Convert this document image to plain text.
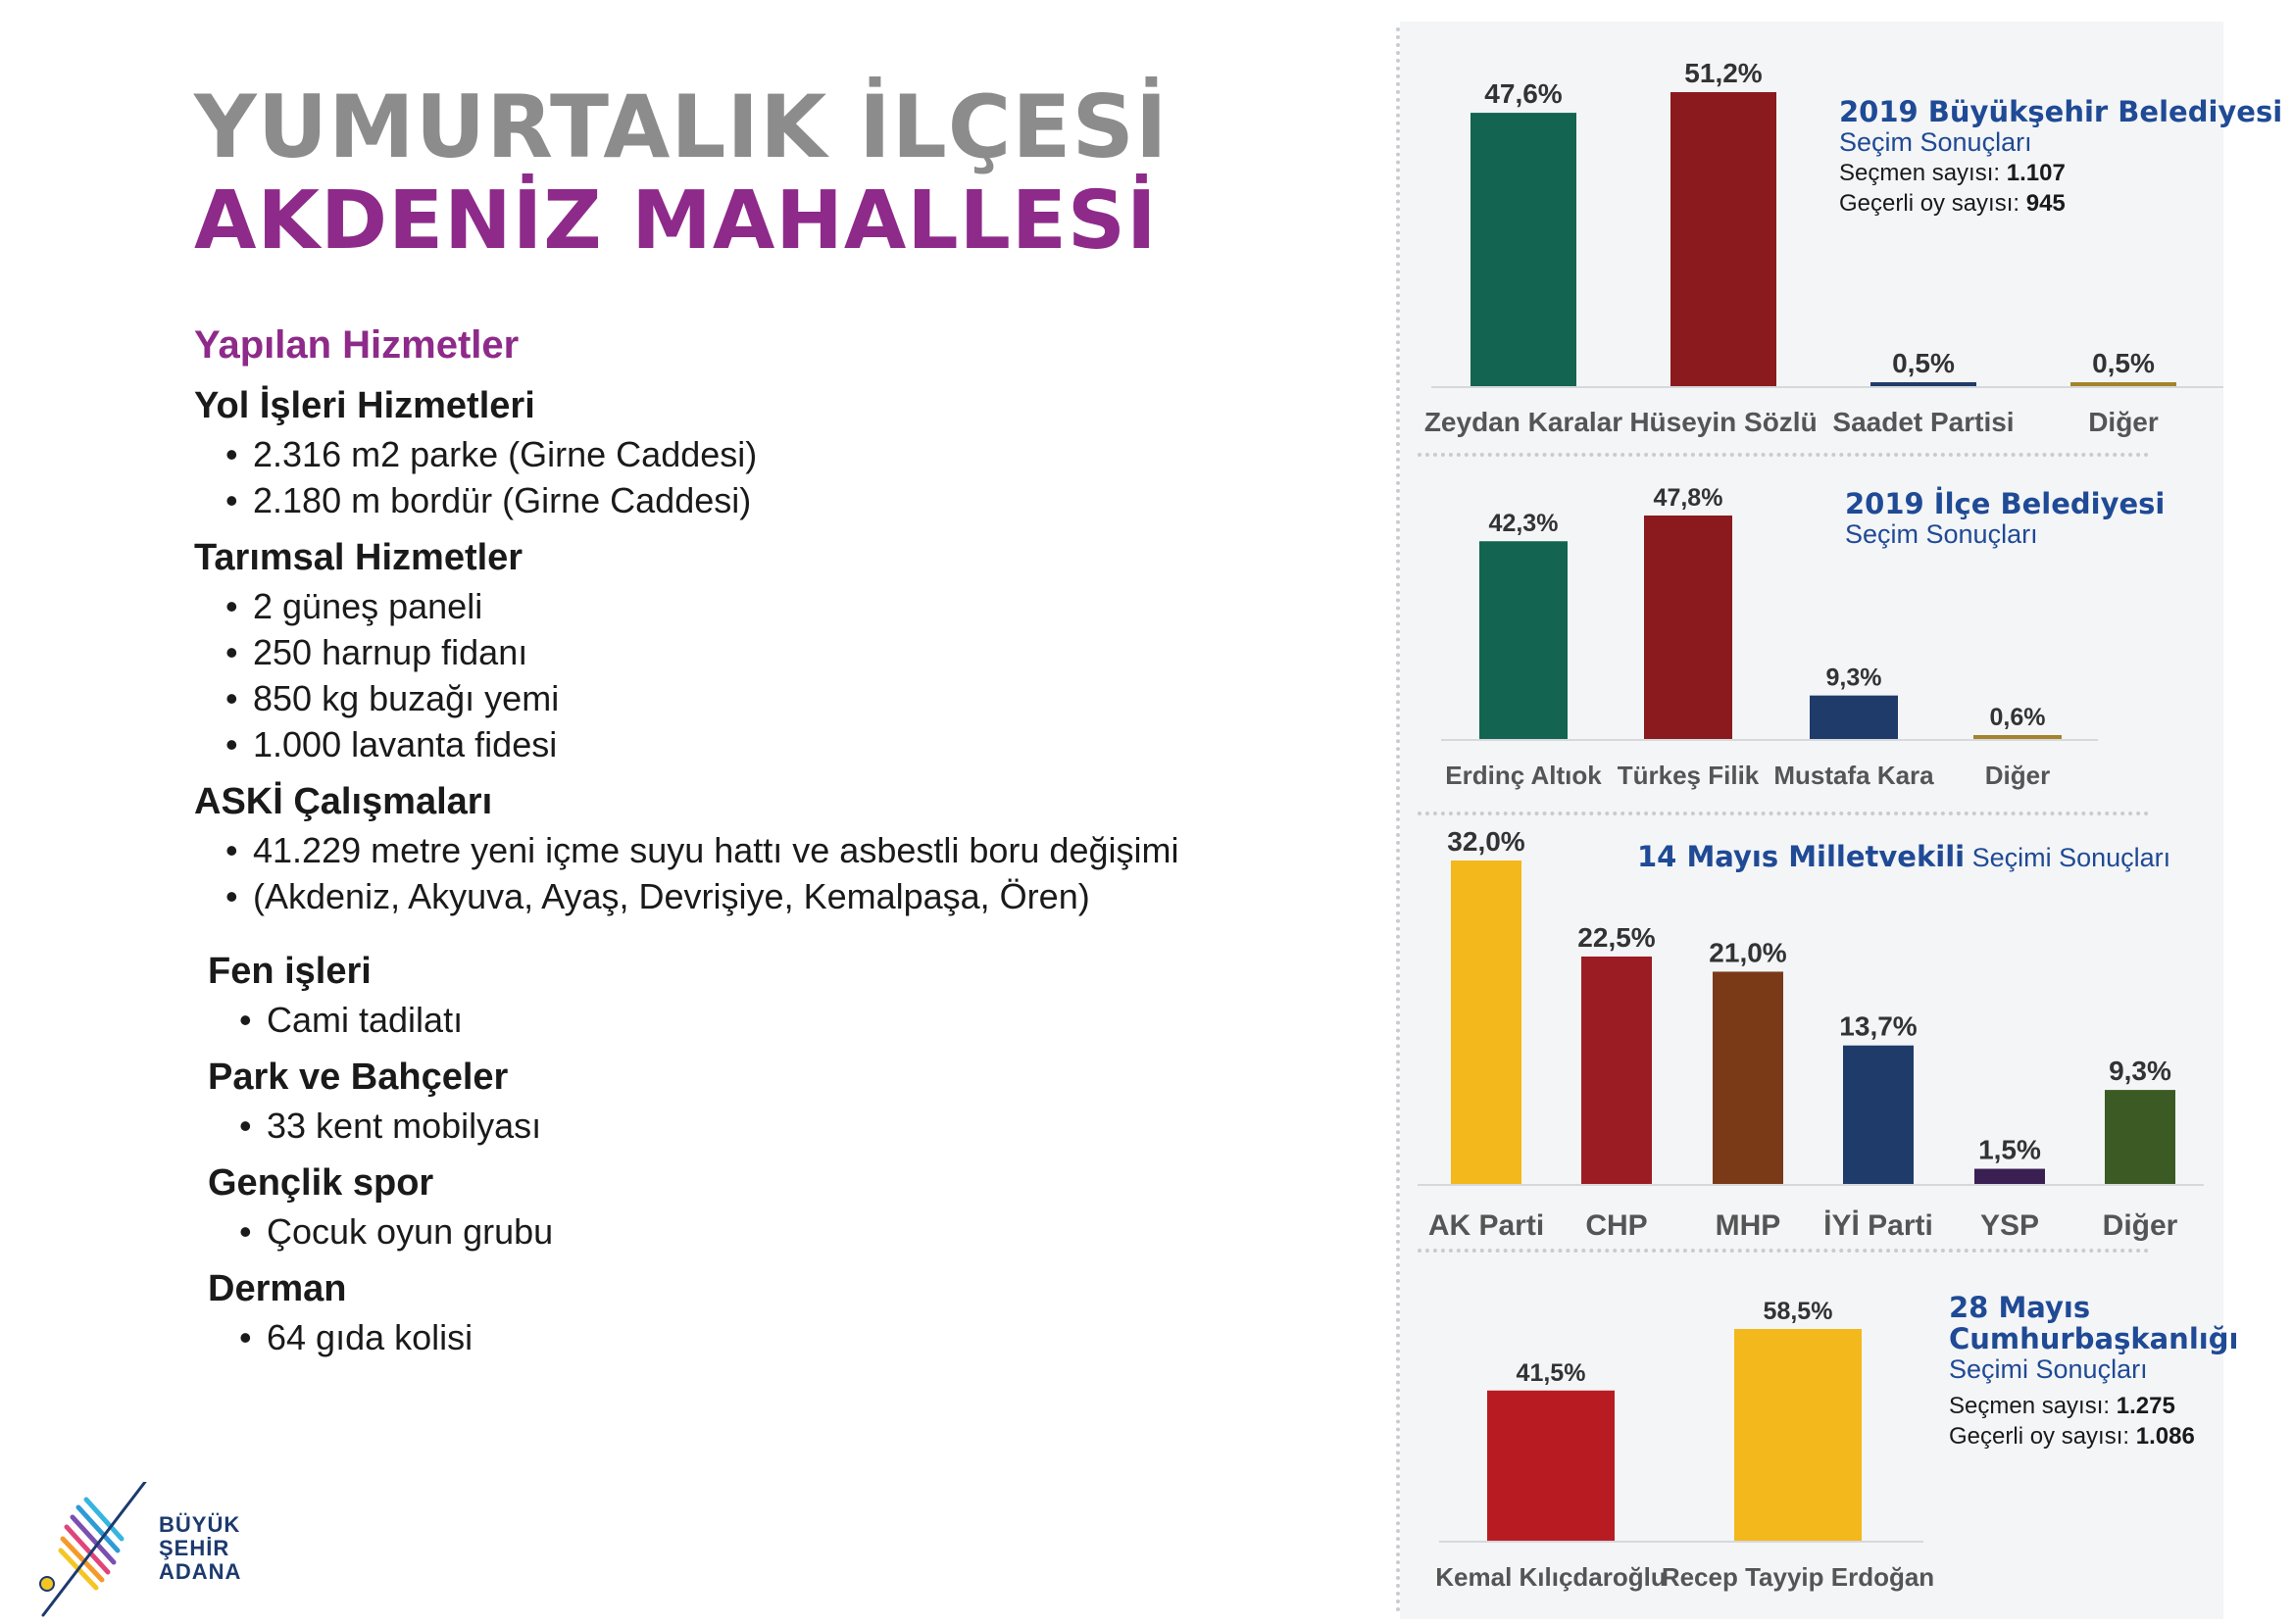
YUMURTALIK İLÇESİ
AKDENİZ MAHALLESİ
Yapılan Hizmetler
Yol İşleri Hizmetleri
• 2.316 m2 parke (Girne Caddesi)
• 2.180 m bordür (Girne Caddesi)
Tarımsal Hizmetler
• 2 güneş paneli
• 250 harnup fidanı
• 850 kg buzağı yemi
• 1.000 lavanta fidesi
ASKİ Çalışmaları
• 41.229 metre yeni içme suyu hattı ve asbestli boru değişimi
• (Akdeniz, Akyuva, Ayaş, Devrişiye, Kemalpaşa, Ören)
Fen işleri
• Cami tadilatı
Park ve Bahçeler
• 33 kent mobilyası
Gençlik spor
• Çocuk oyun grubu
Derman
• 64 gıda kolisi
BÜYÜK
ŞEHİR
ADANA
47,6%
Zeydan Karalar
51,2%
Hüseyin Sözlü
0,5%
Saadet Partisi
0,5%
Diğer
2019 Büyükşehir Belediyesi
Seçim Sonuçları
Seçmen sayısı: 1.107
Geçerli oy sayısı: 945
42,3%
Erdinç Altıok
47,8%
Türkeş Filik
9,3%
Mustafa Kara
0,6%
Diğer
2019 İlçe Belediyesi
Seçim Sonuçları
32,0%
AK Parti
22,5%
CHP
21,0%
MHP
13,7%
İYİ Parti
1,5%
YSP
9,3%
Diğer
14 Mayıs Milletvekili Seçimi Sonuçları
41,5%
Kemal Kılıçdaroğlu
58,5%
Recep Tayyip Erdoğan
28 Mayıs
Cumhurbaşkanlığı
Seçimi Sonuçları
Seçmen sayısı: 1.275
Geçerli oy sayısı: 1.086
